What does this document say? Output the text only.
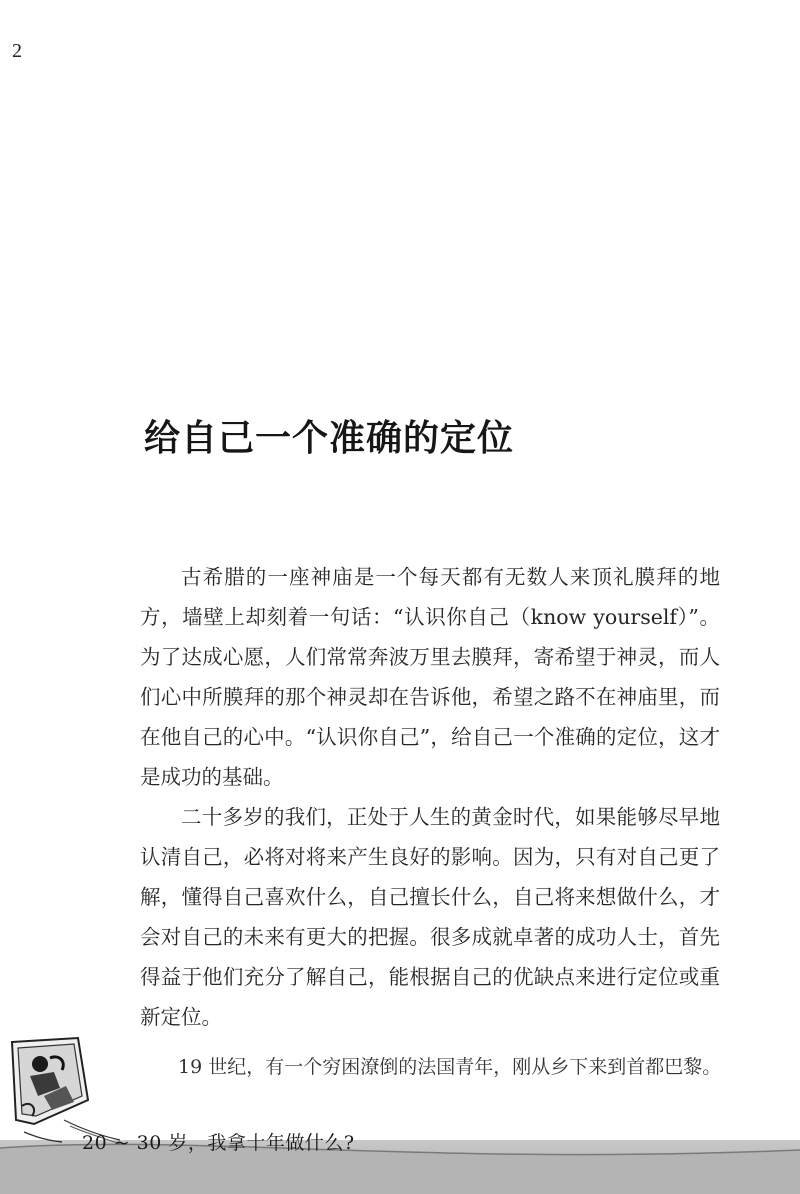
2
给自己一个准确的定位

古希腊的一座神庙是一个每天都有无数人来顶礼膜拜的地方，墙壁上却刻着一句话：“认识你自己（know yourself）”。为了达成心愿，人们常常奔波万里去膜拜，寄希望于神灵，而人们心中所膜拜的那个神灵却在告诉他，希望之路不在神庙里，而在他自己的心中。“认识你自己”，给自己一个准确的定位，这才是成功的基础。

二十多岁的我们，正处于人生的黄金时代，如果能够尽早地认清自己，必将对将来产生良好的影响。因为，只有对自己更了解，懂得自己喜欢什么，自己擅长什么，自己将来想做什么，才会对自己的未来有更大的把握。很多成就卓著的成功人士，首先得益于他们充分了解自己，能根据自己的优缺点来进行定位或重新定位。

19 世纪，有一个穷困潦倒的法国青年，刚从乡下来到首都巴黎。

20 ~ 30 岁，我拿十年做什么?
